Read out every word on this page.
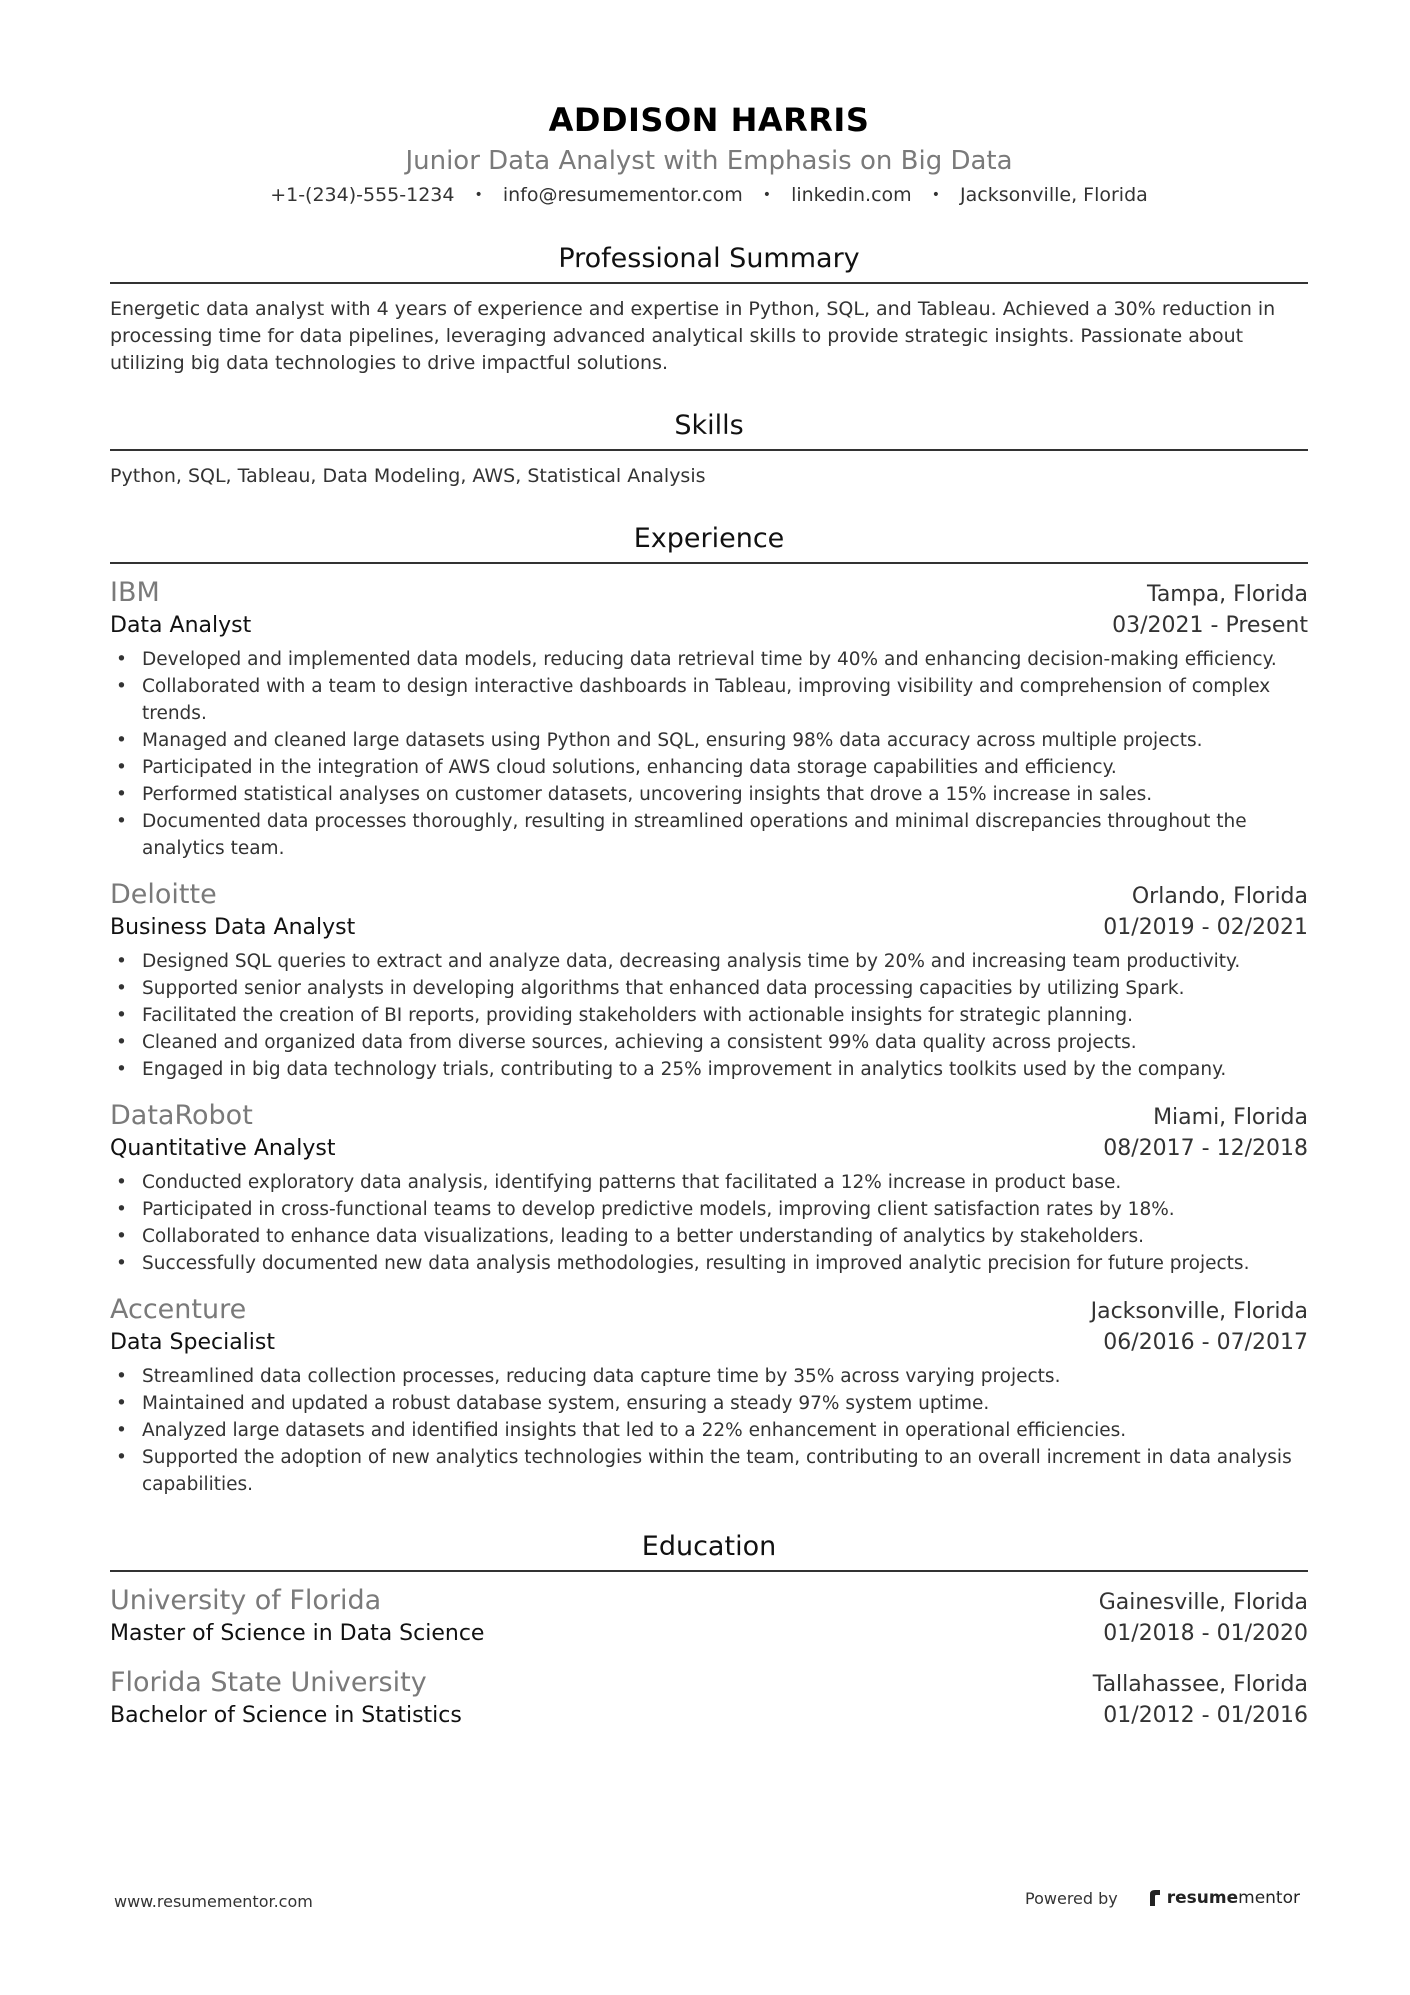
ADDISON HARRIS
Junior Data Analyst with Emphasis on Big Data
+1-(234)-555-1234 • info@resumementor.com • linkedin.com • Jacksonville, Florida
Professional Summary
Energetic data analyst with 4 years of experience and expertise in Python, SQL, and Tableau. Achieved a 30% reduction in processing time for data pipelines, leveraging advanced analytical skills to provide strategic insights. Passionate about utilizing big data technologies to drive impactful solutions.
Skills
Python, SQL, Tableau, Data Modeling, AWS, Statistical Analysis
Experience
IBM	Tampa, Florida
Data Analyst	03/2021 - Present
• Developed and implemented data models, reducing data retrieval time by 40% and enhancing decision-making efficiency.
• Collaborated with a team to design interactive dashboards in Tableau, improving visibility and comprehension of complex trends.
• Managed and cleaned large datasets using Python and SQL, ensuring 98% data accuracy across multiple projects.
• Participated in the integration of AWS cloud solutions, enhancing data storage capabilities and efficiency.
• Performed statistical analyses on customer datasets, uncovering insights that drove a 15% increase in sales.
• Documented data processes thoroughly, resulting in streamlined operations and minimal discrepancies throughout the analytics team.
Deloitte	Orlando, Florida
Business Data Analyst	01/2019 - 02/2021
• Designed SQL queries to extract and analyze data, decreasing analysis time by 20% and increasing team productivity.
• Supported senior analysts in developing algorithms that enhanced data processing capacities by utilizing Spark.
• Facilitated the creation of BI reports, providing stakeholders with actionable insights for strategic planning.
• Cleaned and organized data from diverse sources, achieving a consistent 99% data quality across projects.
• Engaged in big data technology trials, contributing to a 25% improvement in analytics toolkits used by the company.
DataRobot	Miami, Florida
Quantitative Analyst	08/2017 - 12/2018
• Conducted exploratory data analysis, identifying patterns that facilitated a 12% increase in product base.
• Participated in cross-functional teams to develop predictive models, improving client satisfaction rates by 18%.
• Collaborated to enhance data visualizations, leading to a better understanding of analytics by stakeholders.
• Successfully documented new data analysis methodologies, resulting in improved analytic precision for future projects.
Accenture	Jacksonville, Florida
Data Specialist	06/2016 - 07/2017
• Streamlined data collection processes, reducing data capture time by 35% across varying projects.
• Maintained and updated a robust database system, ensuring a steady 97% system uptime.
• Analyzed large datasets and identified insights that led to a 22% enhancement in operational efficiencies.
• Supported the adoption of new analytics technologies within the team, contributing to an overall increment in data analysis capabilities.
Education
University of Florida	Gainesville, Florida
Master of Science in Data Science	01/2018 - 01/2020
Florida State University	Tallahassee, Florida
Bachelor of Science in Statistics	01/2012 - 01/2016
www.resumementor.com	Powered by	resume mentor
